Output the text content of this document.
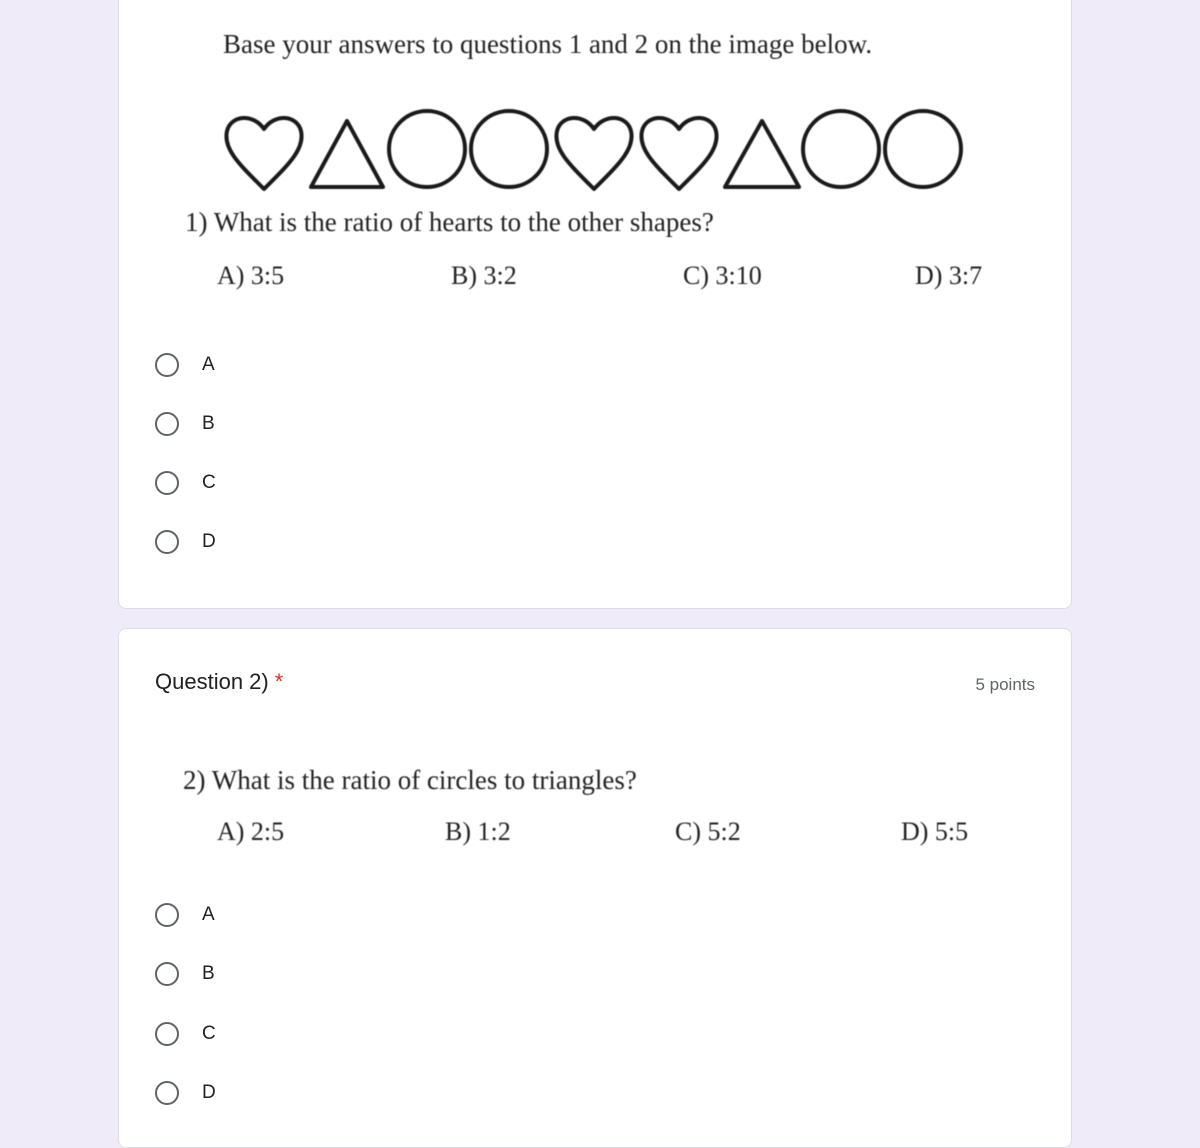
Base your answers to questions 1 and 2 on the image below.
1) What is the ratio of hearts to the other shapes?
A) 3:5	B) 3:2	C) 3:10	D) 3:7
A
B
C
D
Question 2) *	5 points
2) What is the ratio of circles to triangles?
A) 2:5	B) 1:2	C) 5:2	D) 5:5
A
B
C
D
